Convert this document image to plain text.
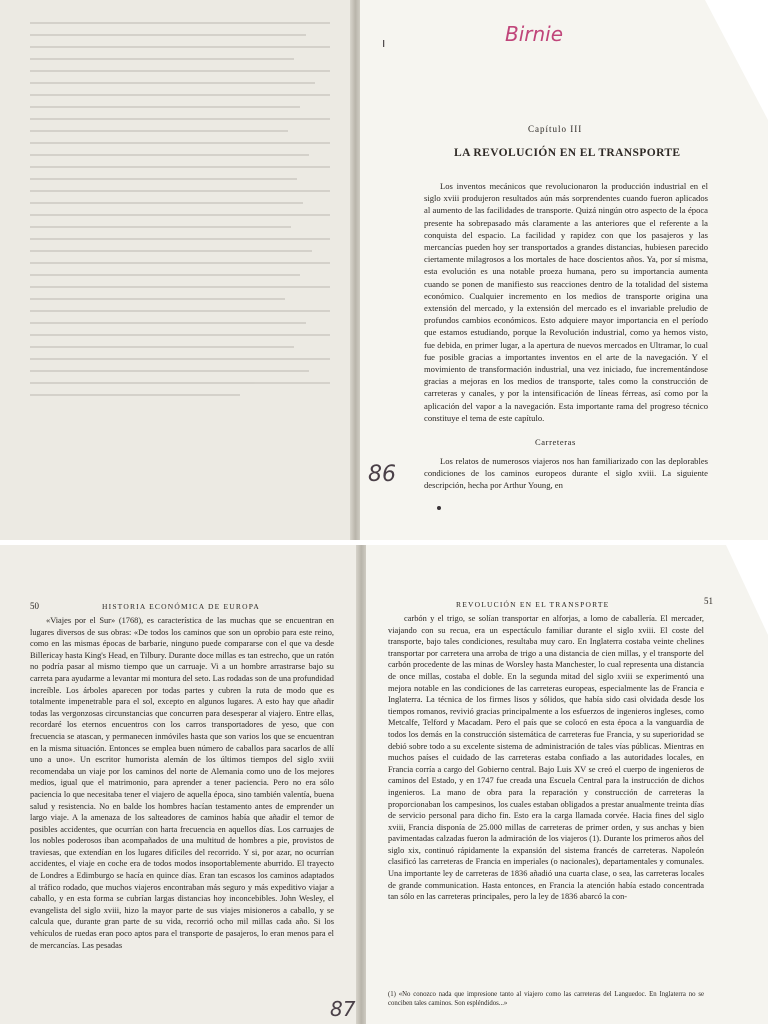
ı	Birnie
Capítulo III
LA REVOLUCIÓN EN EL TRANSPORTE

Los inventos mecánicos que revolucionaron la producción industrial en el siglo xviii produjeron resultados aún más sorprendentes cuando fueron aplicados al aumento de las facilidades de transporte. Quizá ningún otro aspecto de la época presente ha sobrepasado más claramente a las anteriores que el referente a la conquista del espacio. La facilidad y rapidez con que los pasajeros y las mercancías pueden hoy ser transportados a grandes distancias, hubiesen parecido ciertamente milagrosos a los mortales de hace doscientos años. Ya, por sí misma, esta evolución es una notable proeza humana, pero su importancia aumenta cuando se ponen de manifiesto sus reacciones dentro de la totalidad del sistema económico. Cualquier incremento en los medios de transporte origina una extensión del mercado, y la extensión del mercado es el invariable preludio de profundos cambios económicos. Esto adquiere mayor importancia en el período que estamos estudiando, porque la Revolución industrial, como ya hemos visto, fue debida, en primer lugar, a la apertura de nuevos mercados en Ultramar, lo cual fue posible gracias a importantes inventos en el arte de la navegación. Y el movimiento de transformación industrial, una vez iniciado, fue incrementándose gracias a mejoras en los medios de transporte, tales como la construcción de carreteras y canales, y por la intensificación de líneas férreas, así como por la aplicación del vapor a la navegación. Esta importante rama del progreso técnico constituye el tema de este capítulo.

Carreteras

Los relatos de numerosos viajeros nos han familiarizado con las deplorables condiciones de los caminos europeos durante el siglo xviii. La siguiente descripción, hecha por Arthur Young, en

86
50	HISTORIA ECONÓMICA DE EUROPA

«Viajes por el Sur» (1768), es característica de las muchas que se encuentran en lugares diversos de sus obras: «De todos los caminos que son un oprobio para este reino, como en las mismas épocas de barbarie, ninguno puede compararse con el que va desde Billericay hasta King's Head, en Tilbury. Durante doce millas es tan estrecho, que un ratón no podría pasar al mismo tiempo que un carruaje. Vi a un hombre arrastrarse bajo su carreta para ayudarme a levantar mi montura del seto. Las rodadas son de una profundidad increíble. Los árboles aparecen por todas partes y cubren la ruta de modo que es totalmente impenetrable para el sol, excepto en algunos lugares. A esto hay que añadir todas las vergonzosas circunstancias que concurren para desesperar al viajero. Entre ellas, recordaré los eternos encuentros con los carros transportadores de yeso, que con frecuencia se atascan, y permanecen inmóviles hasta que son varios los que se encuentran en la misma situación. Entonces se emplea buen número de caballos para sacarlos de allí uno a uno». Un escritor humorista alemán de los últimos tiempos del siglo xviii recomendaba un viaje por los caminos del norte de Alemania como uno de los mejores medios, igual que el matrimonio, para aprender a tener paciencia. Pero no era sólo paciencia lo que necesitaba tener el viajero de aquella época, sino también valentía, buena salud y resistencia. No en balde los hombres hacían testamento antes de emprender un largo viaje. A la amenaza de los salteadores de caminos había que añadir el temor de posibles accidentes, que ocurrían con harta frecuencia en aquellos días. Los carruajes de los nobles poderosos iban acompañados de una multitud de hombres a pie, provistos de traviesas, que extendían en los lugares difíciles del recorrido. Y si, por azar, no ocurrían accidentes, el viaje en coche era de todos modos insoportablemente aburrido. El trayecto de Londres a Edimburgo se hacía en quince días. Eran tan escasos los caminos adaptados al tráfico rodado, que muchos viajeros encontraban más seguro y más expeditivo viajar a caballo, y en esta forma se cubrían largas distancias hoy inconcebibles. John Wesley, el evangelista del siglo xviii, hizo la mayor parte de sus viajes misioneros a caballo, y se calcula que, durante gran parte de su vida, recorrió ocho mil millas cada año. Si los vehículos de ruedas eran poco aptos para el transporte de pasajeros, lo eran menos para el de mercancías. Las pesadas

REVOLUCIÓN EN EL TRANSPORTE	51

carbón y el trigo, se solían transportar en alforjas, a lomo de caballería. El mercader, viajando con su recua, era un espectáculo familiar durante el siglo xviii. El coste del transporte, bajo tales condiciones, resultaba muy caro. En Inglaterra costaba veinte chelines transportar por carretera una arroba de trigo a una distancia de cien millas, y el transporte del carbón procedente de las minas de Worsley hasta Manchester, lo cual representa una distancia de once millas, costaba el doble. En la segunda mitad del siglo xviii se experimentó una mejora notable en las condiciones de las carreteras europeas, especialmente las de Francia e Inglaterra. La técnica de los firmes lisos y sólidos, que había sido casi olvidada desde los tiempos romanos, revivió gracias principalmente a los esfuerzos de ingenieros ingleses, como Metcalfe, Telford y Macadam. Pero el país que se colocó en esta época a la vanguardia de todos los demás en la construcción sistemática de carreteras fue Francia, y su superioridad se debió sobre todo a su excelente sistema de administración de tales vías públicas. Mientras en muchos países el cuidado de las carreteras estaba confiado a las autoridades locales, en Francia corría a cargo del Gobierno central. Bajo Luis XV se creó el cuerpo de ingenieros de caminos del Estado, y en 1747 fue creada una Escuela Central para la instrucción de dichos ingenieros. La mano de obra para la reparación y construcción de carreteras la proporcionaban los campesinos, los cuales estaban obligados a prestar anualmente treinta días de servicio personal para dicho fin. Esto era la carga llamada corvée. Hacia fines del siglo xviii, Francia disponía de 25.000 millas de carreteras de primer orden, y sus anchas y bien pavimentadas calzadas fueron la admiración de los viajeros (1). Durante los primeros años del siglo xix, continuó rápidamente la expansión del sistema francés de carreteras. Napoleón clasificó las carreteras de Francia en imperiales (o nacionales), departamentales y comunales. Una importante ley de carreteras de 1836 añadió una cuarta clase, o sea, las carreteras locales de grande communication. Hasta entonces, en Francia la atención había estado concentrada tan sólo en las carreteras principales, pero la ley de 1836 abarcó la con-

(1) «No conozco nada que impresione tanto al viajero como las carreteras del Languedoc. En Inglaterra no se conciben tales caminos. Son espléndidos...»
87
